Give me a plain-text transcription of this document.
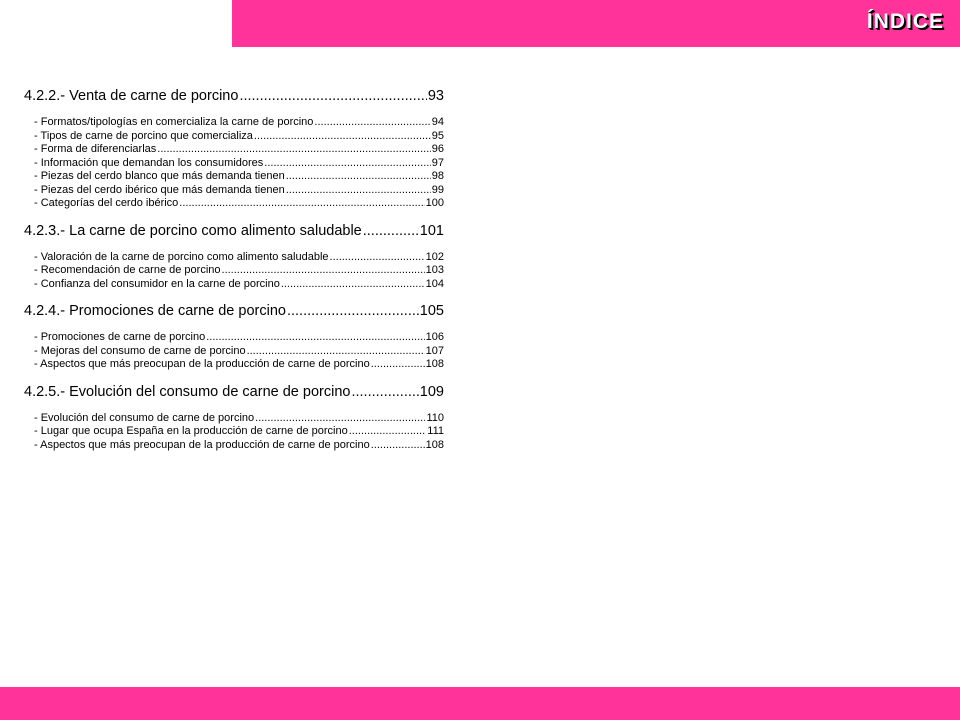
ÍNDICE
4.2.2.- Venta de carne de porcino .....	93
- Formatos/tipologías en comercializa la carne de porcino .....	94
- Tipos de carne de porcino que comercializa .....	95
- Forma de diferenciarlas .....	96
- Información que demandan los consumidores .....	97
- Piezas del cerdo blanco que más demanda tienen .....	98
- Piezas del cerdo ibérico que más demanda tienen .....	99
- Categorías del cerdo ibérico .....	100
4.2.3.- La carne de porcino como alimento saludable .....	101
- Valoración de la carne de porcino como alimento saludable .....	102
- Recomendación de carne de porcino .....	103
- Confianza del consumidor en la carne de porcino .....	104
4.2.4.- Promociones de carne de porcino .....	105
- Promociones de carne de porcino .....	106
- Mejoras del consumo de carne de porcino .....	107
- Aspectos que más preocupan de la producción de carne de porcino .....	108
4.2.5.- Evolución del consumo de carne de porcino .....	109
- Evolución del consumo de carne de porcino .....	110
- Lugar que ocupa España en la producción de carne de porcino .....	111
- Aspectos que más preocupan de la producción de carne de porcino .....	108
